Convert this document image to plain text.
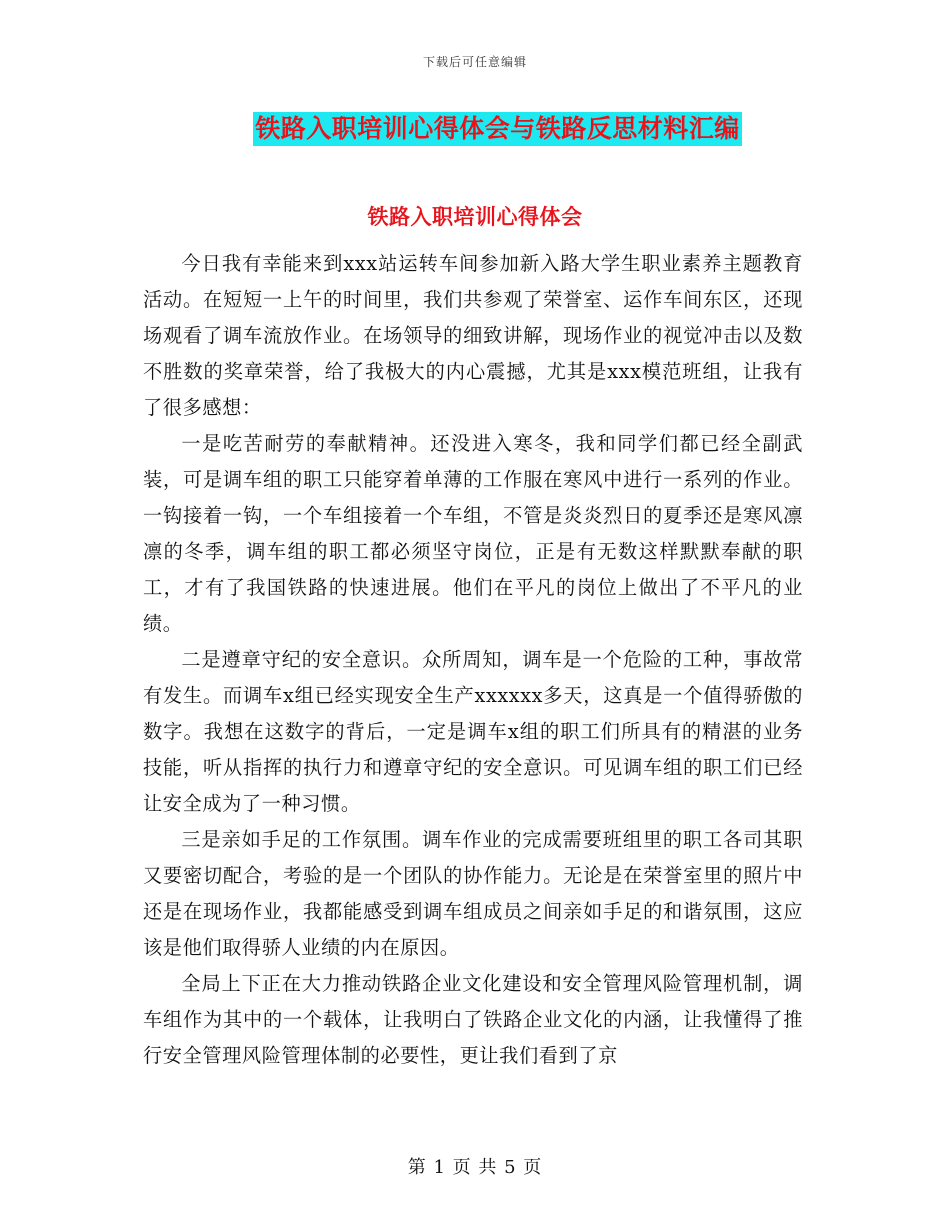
下载后可任意编辑
铁路入职培训心得体会与铁路反思材料汇编
铁路入职培训心得体会

今日我有幸能来到xxx站运转车间参加新入路大学生职业素养主题教育活动。在短短一上午的时间里，我们共参观了荣誉室、运作车间东区，还现场观看了调车流放作业。在场领导的细致讲解，现场作业的视觉冲击以及数不胜数的奖章荣誉，给了我极大的内心震撼，尤其是xxx模范班组，让我有了很多感想：

一是吃苦耐劳的奉献精神。还没进入寒冬，我和同学们都已经全副武装，可是调车组的职工只能穿着单薄的工作服在寒风中进行一系列的作业。一钩接着一钩，一个车组接着一个车组，不管是炎炎烈日的夏季还是寒风凛凛的冬季，调车组的职工都必须坚守岗位，正是有无数这样默默奉献的职工，才有了我国铁路的快速进展。他们在平凡的岗位上做出了不平凡的业绩。

二是遵章守纪的安全意识。众所周知，调车是一个危险的工种，事故常有发生。而调车x组已经实现安全生产xxxxxx多天，这真是一个值得骄傲的数字。我想在这数字的背后，一定是调车x组的职工们所具有的精湛的业务技能，听从指挥的执行力和遵章守纪的安全意识。可见调车组的职工们已经让安全成为了一种习惯。

三是亲如手足的工作氛围。调车作业的完成需要班组里的职工各司其职又要密切配合，考验的是一个团队的协作能力。无论是在荣誉室里的照片中还是在现场作业，我都能感受到调车组成员之间亲如手足的和谐氛围，这应该是他们取得骄人业绩的内在原因。

全局上下正在大力推动铁路企业文化建设和安全管理风险管理机制，调车组作为其中的一个载体，让我明白了铁路企业文化的内涵，让我懂得了推行安全管理风险管理体制的必要性，更让我们看到了京

第 1 页 共 5 页
